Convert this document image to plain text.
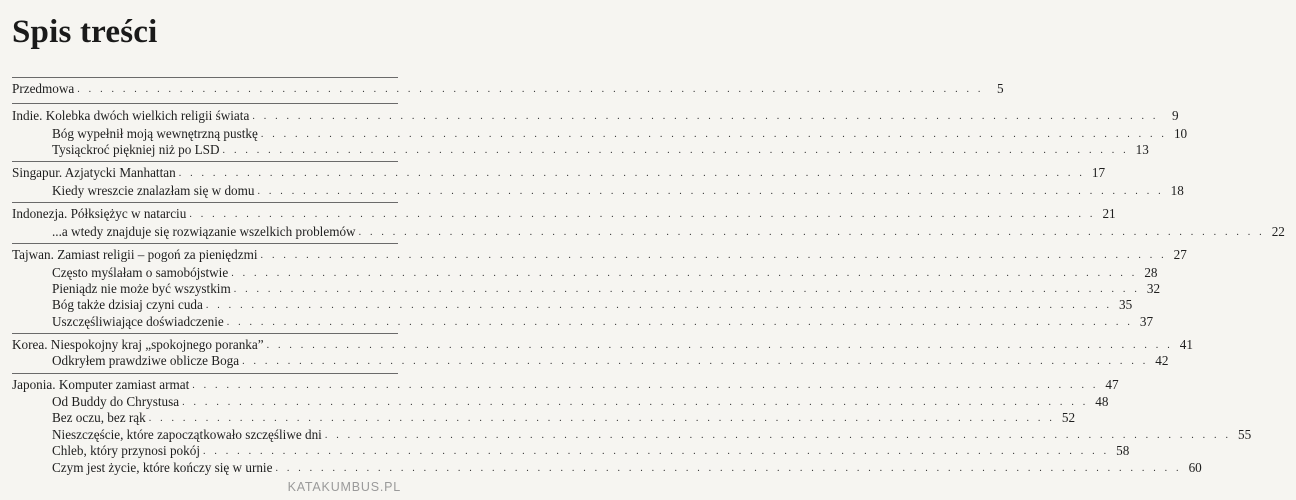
Spis treści
Przedmowa . . . . . . . . . . . . . . . . . . . . . . . . . . . . . . . . . . . . . . . . . . . . . . . . . . . . . . . . . . . . . . . . . . . . . . . . . . . . . . . .	5
Indie. Kolebka dwóch wielkich religii świata . . . . . . . . . . . . . . . . . . . . . . . . . . . . . . . . . . . . . . . . . . . . . . . . . . . . . . . . . . . . . . . . . . . . . . . . . . . . . . . .	9
Bóg wypełnił moją wewnętrzną pustkę . . . . . . . . . . . . . . . . . . . . . . . . . . . . . . . . . . . . . . . . . . . . . . . . . . . . . . . . . . . . . . . . . . . . . . . . . . . . . . . . 10
Tysiąckroć piękniej niż po LSD . . . . . . . . . . . . . . . . . . . . . . . . . . . . . . . . . . . . . . . . . . . . . . . . . . . . . . . . . . . . . . . . . . . . . . . . . . . . . . . . 13
Singapur. Azjatycki Manhattan . . . . . . . . . . . . . . . . . . . . . . . . . . . . . . . . . . . . . . . . . . . . . . . . . . . . . . . . . . . . . . . . . . . . . . . . . . . . . . . . 17
Kiedy wreszcie znalazłam się w domu . . . . . . . . . . . . . . . . . . . . . . . . . . . . . . . . . . . . . . . . . . . . . . . . . . . . . . . . . . . . . . . . . . . . . . . . . . . . . . . . 18
Indonezja. Półksiężyc w natarciu . . . . . . . . . . . . . . . . . . . . . . . . . . . . . . . . . . . . . . . . . . . . . . . . . . . . . . . . . . . . . . . . . . . . . . . . . . . . . . . . 21
...a wtedy znajduje się rozwiązanie wszelkich problemów . . . . . . . . . . . . . . . . . . . . . . . . . . . . . . . . . . . . . . . . . . . . . . . . . . . . . . . . . . . . . . . . . . . . . . . . . . . . . . . . 22
Tajwan. Zamiast religii – pogoń za pieniędzmi . . . . . . . . . . . . . . . . . . . . . . . . . . . . . . . . . . . . . . . . . . . . . . . . . . . . . . . . . . . . . . . . . . . . . . . . . . . . . . . . 27
Często myślałam o samobójstwie . . . . . . . . . . . . . . . . . . . . . . . . . . . . . . . . . . . . . . . . . . . . . . . . . . . . . . . . . . . . . . . . . . . . . . . . . . . . . . . . 28
Pieniądz nie może być wszystkim . . . . . . . . . . . . . . . . . . . . . . . . . . . . . . . . . . . . . . . . . . . . . . . . . . . . . . . . . . . . . . . . . . . . . . . . . . . . . . . . 32
Bóg także dzisiaj czyni cuda . . . . . . . . . . . . . . . . . . . . . . . . . . . . . . . . . . . . . . . . . . . . . . . . . . . . . . . . . . . . . . . . . . . . . . . . . . . . . . . . 35
Uszczęśliwiające doświadczenie . . . . . . . . . . . . . . . . . . . . . . . . . . . . . . . . . . . . . . . . . . . . . . . . . . . . . . . . . . . . . . . . . . . . . . . . . . . . . . . . 37
Korea. Niespokojny kraj „spokojnego poranka” . . . . . . . . . . . . . . . . . . . . . . . . . . . . . . . . . . . . . . . . . . . . . . . . . . . . . . . . . . . . . . . . . . . . . . . . . . . . . . . . 41
Odkryłem prawdziwe oblicze Boga . . . . . . . . . . . . . . . . . . . . . . . . . . . . . . . . . . . . . . . . . . . . . . . . . . . . . . . . . . . . . . . . . . . . . . . . . . . . . . . . 42
Japonia. Komputer zamiast armat . . . . . . . . . . . . . . . . . . . . . . . . . . . . . . . . . . . . . . . . . . . . . . . . . . . . . . . . . . . . . . . . . . . . . . . . . . . . . . . . 47
Od Buddy do Chrystusa . . . . . . . . . . . . . . . . . . . . . . . . . . . . . . . . . . . . . . . . . . . . . . . . . . . . . . . . . . . . . . . . . . . . . . . . . . . . . . . . 48
Bez oczu, bez rąk . . . . . . . . . . . . . . . . . . . . . . . . . . . . . . . . . . . . . . . . . . . . . . . . . . . . . . . . . . . . . . . . . . . . . . . . . . . . . . . . 52
Nieszczęście, które zapoczątkowało szczęśliwe dni . . . . . . . . . . . . . . . . . . . . . . . . . . . . . . . . . . . . . . . . . . . . . . . . . . . . . . . . . . . . . . . . . . . . . . . . . . . . . . . . 55
Chleb, który przynosi pokój . . . . . . . . . . . . . . . . . . . . . . . . . . . . . . . . . . . . . . . . . . . . . . . . . . . . . . . . . . . . . . . . . . . . . . . . . . . . . . . . 58
Czym jest życie, które kończy się w urnie . . . . . . . . . . . . . . . . . . . . . . . . . . . . . . . . . . . . . . . . . . . . . . . . . . . . . . . . . . . . . . . . . . . . . . . . . . . . . . . . 60
KATAKUMBUS.PL
